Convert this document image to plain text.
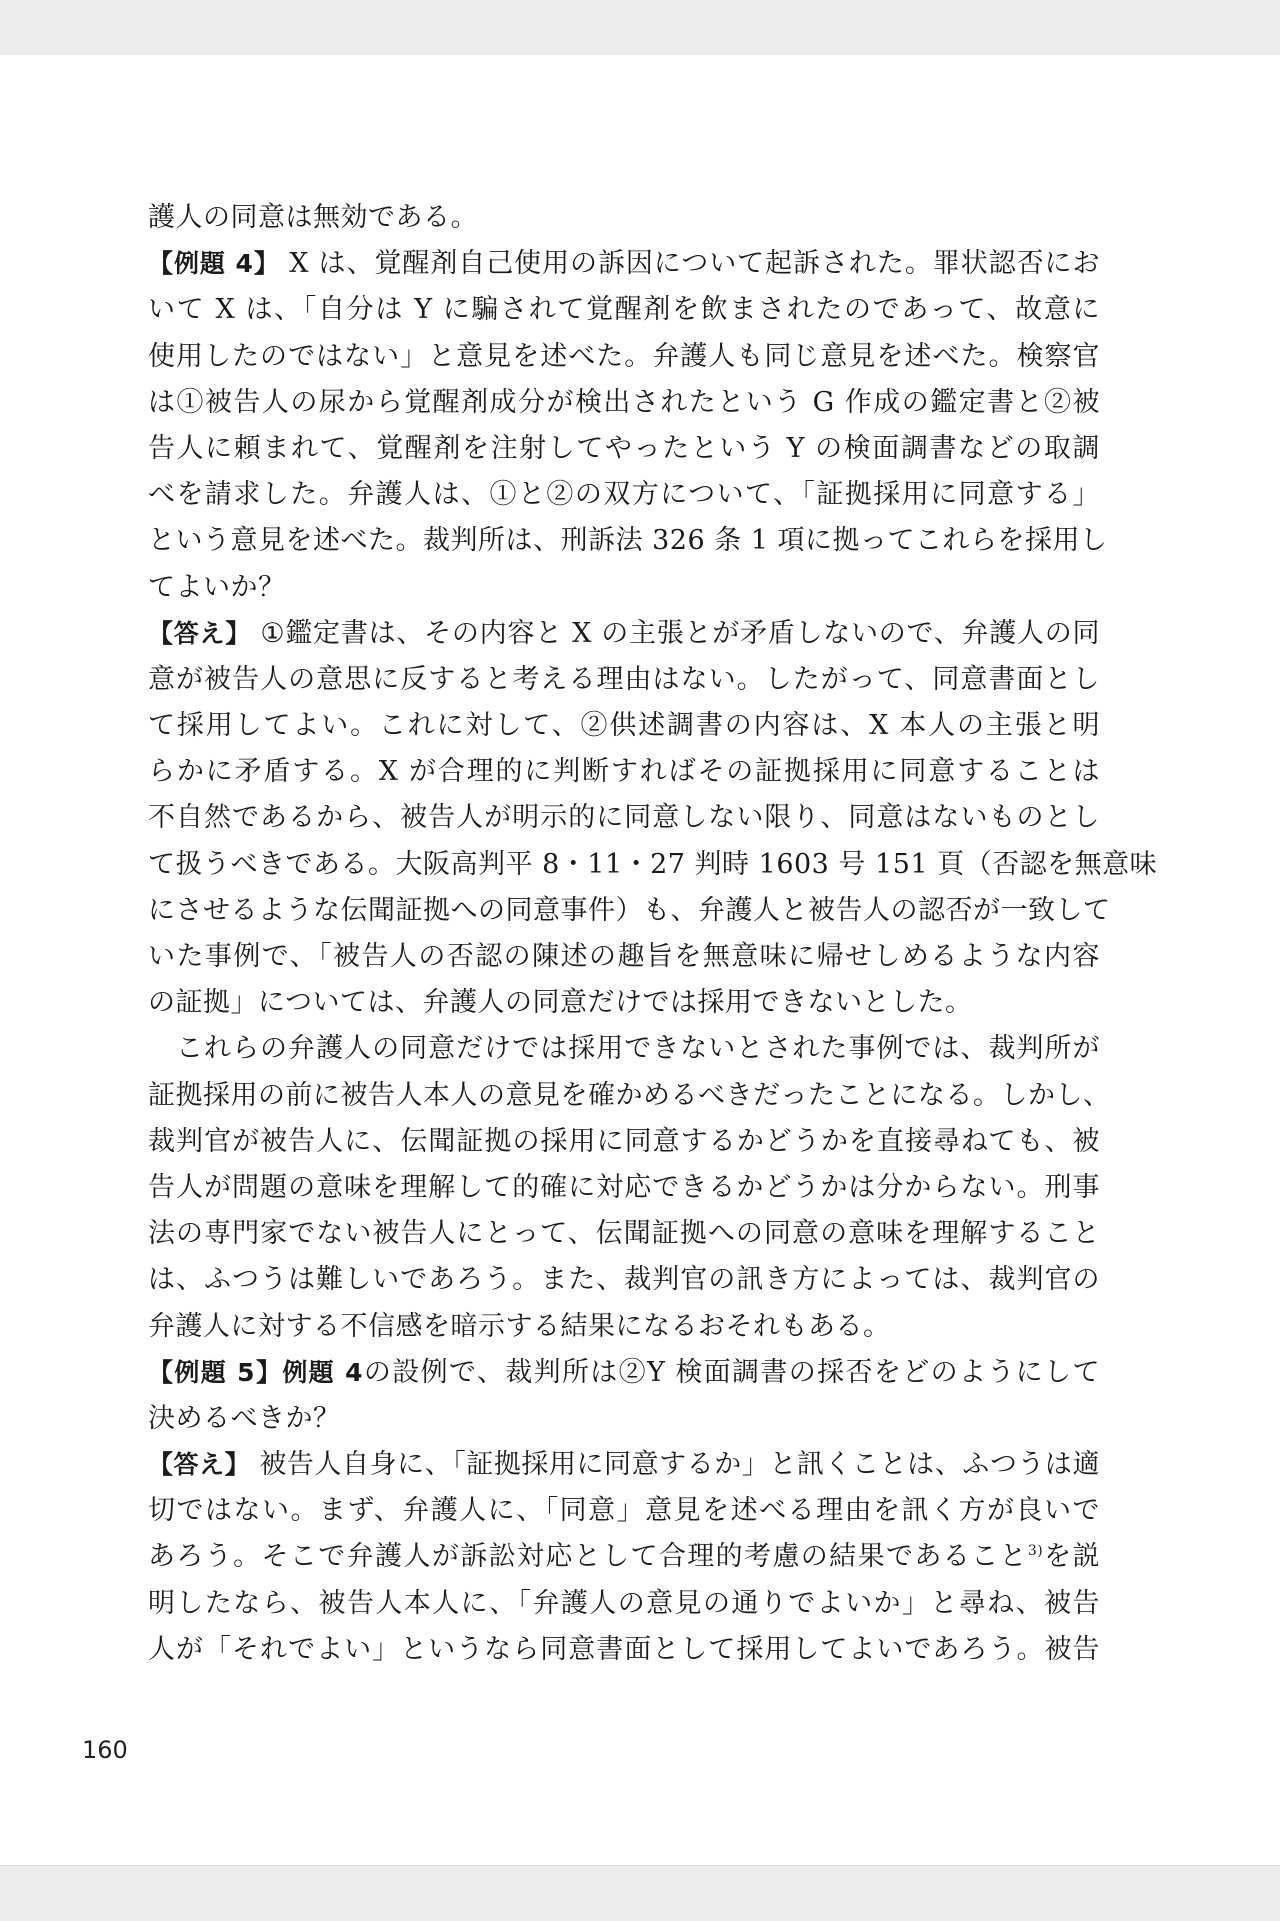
護人の同意は無効である。
【例題 4】 X は、覚醒剤自己使用の訴因について起訴された。罪状認否にお
いて X は、「自分は Y に騙されて覚醒剤を飲まされたのであって、故意に
使用したのではない」と意見を述べた。弁護人も同じ意見を述べた。検察官
は①被告人の尿から覚醒剤成分が検出されたという G 作成の鑑定書と②被
告人に頼まれて、覚醒剤を注射してやったという Y の検面調書などの取調
べを請求した。弁護人は、①と②の双方について、「証拠採用に同意する」
という意見を述べた。裁判所は、刑訴法 326 条 1 項に拠ってこれらを採用し
てよいか？
【答え】 ①鑑定書は、その内容と X の主張とが矛盾しないので、弁護人の同
意が被告人の意思に反すると考える理由はない。したがって、同意書面とし
て採用してよい。これに対して、②供述調書の内容は、X 本人の主張と明
らかに矛盾する。X が合理的に判断すればその証拠採用に同意することは
不自然であるから、被告人が明示的に同意しない限り、同意はないものとし
て扱うべきである。大阪高判平 8・11・27 判時 1603 号 151 頁（否認を無意味
にさせるような伝聞証拠への同意事件）も、弁護人と被告人の認否が一致して
いた事例で、「被告人の否認の陳述の趣旨を無意味に帰せしめるような内容
の証拠」については、弁護人の同意だけでは採用できないとした。
これらの弁護人の同意だけでは採用できないとされた事例では、裁判所が
証拠採用の前に被告人本人の意見を確かめるべきだったことになる。しかし、
裁判官が被告人に、伝聞証拠の採用に同意するかどうかを直接尋ねても、被
告人が問題の意味を理解して的確に対応できるかどうかは分からない。刑事
法の専門家でない被告人にとって、伝聞証拠への同意の意味を理解すること
は、ふつうは難しいであろう。また、裁判官の訊き方によっては、裁判官の
弁護人に対する不信感を暗示する結果になるおそれもある。
【例題 5】例題 4の設例で、裁判所は②Y 検面調書の採否をどのようにして
決めるべきか？
【答え】 被告人自身に、「証拠採用に同意するか」と訊くことは、ふつうは適
切ではない。まず、弁護人に、「同意」意見を述べる理由を訊く方が良いで
あろう。そこで弁護人が訴訟対応として合理的考慮の結果であること$^{3)}$を説
明したなら、被告人本人に、「弁護人の意見の通りでよいか」と尋ね、被告
人が「それでよい」というなら同意書面として採用してよいであろう。被告
160
